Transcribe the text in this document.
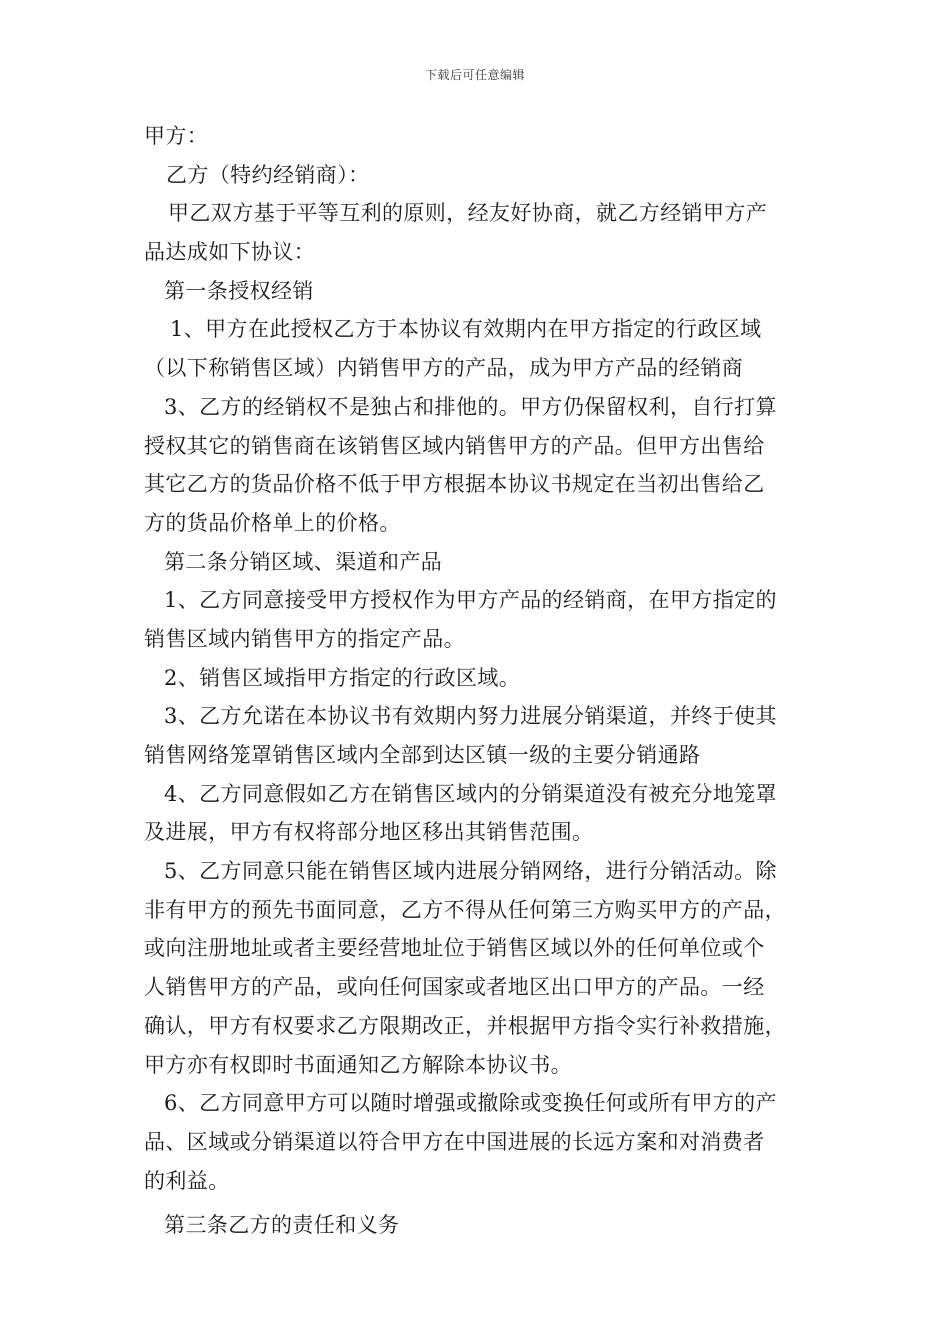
下载后可任意编辑
甲方：
乙方（特约经销商）：
甲乙双方基于平等互利的原则，经友好协商，就乙方经销甲方产
品达成如下协议：
第一条授权经销
1、甲方在此授权乙方于本协议有效期内在甲方指定的行政区域
（以下称销售区域）内销售甲方的产品，成为甲方产品的经销商
3、乙方的经销权不是独占和排他的。甲方仍保留权利，自行打算
授权其它的销售商在该销售区域内销售甲方的产品。但甲方出售给
其它乙方的货品价格不低于甲方根据本协议书规定在当初出售给乙
方的货品价格单上的价格。
第二条分销区域、渠道和产品
1、乙方同意接受甲方授权作为甲方产品的经销商，在甲方指定的
销售区域内销售甲方的指定产品。
2、销售区域指甲方指定的行政区域。
3、乙方允诺在本协议书有效期内努力进展分销渠道，并终于使其
销售网络笼罩销售区域内全部到达区镇一级的主要分销通路
4、乙方同意假如乙方在销售区域内的分销渠道没有被充分地笼罩
及进展，甲方有权将部分地区移出其销售范围。
5、乙方同意只能在销售区域内进展分销网络，进行分销活动。除
非有甲方的预先书面同意，乙方不得从任何第三方购买甲方的产品，
或向注册地址或者主要经营地址位于销售区域以外的任何单位或个
人销售甲方的产品，或向任何国家或者地区出口甲方的产品。一经
确认，甲方有权要求乙方限期改正，并根据甲方指令实行补救措施，
甲方亦有权即时书面通知乙方解除本协议书。
6、乙方同意甲方可以随时增强或撤除或变换任何或所有甲方的产
品、区域或分销渠道以符合甲方在中国进展的长远方案和对消费者
的利益。
第三条乙方的责任和义务
